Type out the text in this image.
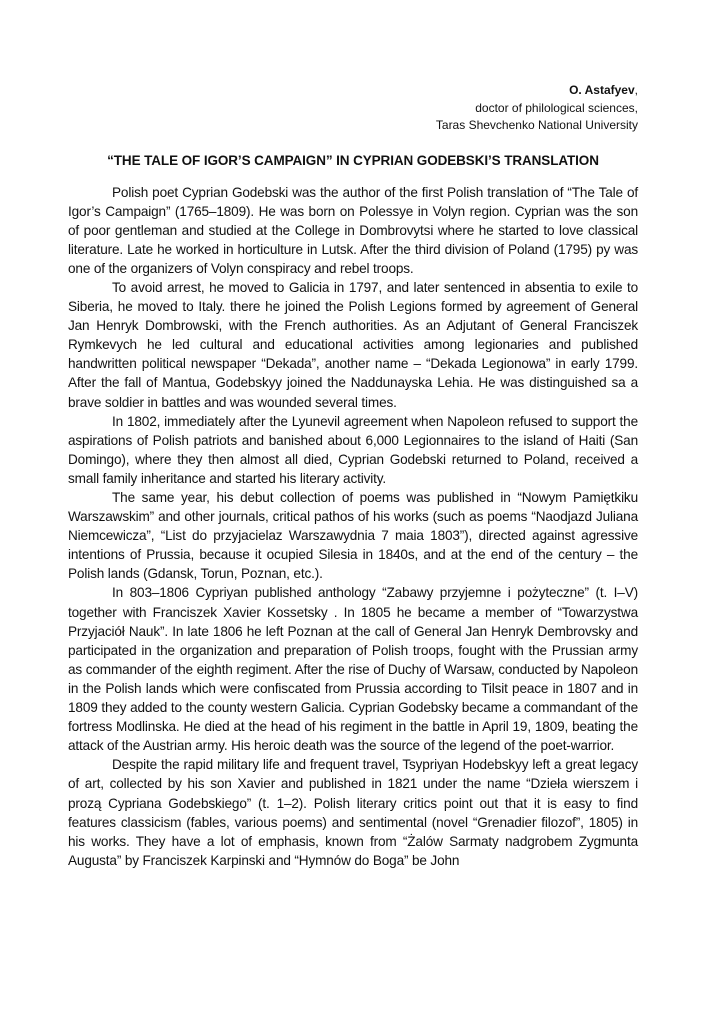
O. Astafyev,
doctor of philological sciences,
Taras Shevchenko National University
“THE TALE OF IGOR’S CAMPAIGN” IN CYPRIAN GODEBSKI’S TRANSLATION

Polish poet Cyprian Godebski was the author of the first Polish translation of “The Tale of Igor’s Campaign” (1765–1809). He was born on Polessye in Volyn region. Cyprian was the son of poor gentleman and studied at the College in Dombrovytsi where he started to love classical literature. Late he worked in horticulture in Lutsk. After the third division of Poland (1795) py was one of the organizers of Volyn conspiracy and rebel troops.

To avoid arrest, he moved to Galicia in 1797, and later sentenced in absentia to exile to Siberia, he moved to Italy. there he joined the Polish Legions formed by agreement of General Jan Henryk Dombrowski, with the French authorities. As an Adjutant of General Franciszek Rymkevych he led cultural and educational activities among legionaries and published handwritten political newspaper “Dekada”, another name – “Dekada Legionowa” in early 1799. After the fall of Mantua, Godebskyy joined the Naddunayska Lehia. He was distinguished sa a brave soldier in battles and was wounded several times.

In 1802, immediately after the Lyunevil agreement when Napoleon refused to support the aspirations of Polish patriots and banished about 6,000 Legionnaires to the island of Haiti (San Domingo), where they then almost all died, Cyprian Godebski returned to Poland, received a small family inheritance and started his literary activity.

The same year, his debut collection of poems was published in “Nowym Pamiętkiku Warszawskim” and other journals, critical pathos of his works (such as poems “Naodjazd Juliana Niemcewicza”, “List do przyjacielaz Warszawydnia 7 maia 1803”), directed against agressive intentions of Prussia, because it ocupied Silesia in 1840s, and at the end of the century – the Polish lands (Gdansk, Torun, Poznan, etc.).

In 803–1806 Cypriyan published anthology “Zabawy przyjemne i pożyteczne” (t. I–V) together with Franciszek Xavier Kossetsky . In 1805 he became a member of “Towarzystwa Przyjaciół Nauk”. In late 1806 he left Poznan at the call of General Jan Henryk Dembrovsky and participated in the organization and preparation of Polish troops, fought with the Prussian army as commander of the eighth regiment. After the rise of Duchy of Warsaw, conducted by Napoleon in the Polish lands which were confiscated from Prussia according to Tilsit peace in 1807 and in 1809 they added to the county western Galicia. Cyprian Godebsky became a commandant of the fortress Modlinska. He died at the head of his regiment in the battle in April 19, 1809, beating the attack of the Austrian army. His heroic death was the source of the legend of the poet-warrior.

Despite the rapid military life and frequent travel, Tsypriyan Hodebskyy left a great legacy of art, collected by his son Xavier and published in 1821 under the name “Dzieła wierszem i prozą Cypriana Godebskiego” (t. 1–2). Polish literary critics point out that it is easy to find features classicism (fables, various poems) and sentimental (novel “Grenadier filozof”, 1805) in his works. They have a lot of emphasis, known from “Żalów Sarmaty nadgrobem Zygmunta Augusta” by Franciszek Karpinski and “Hymnów do Boga” be John
